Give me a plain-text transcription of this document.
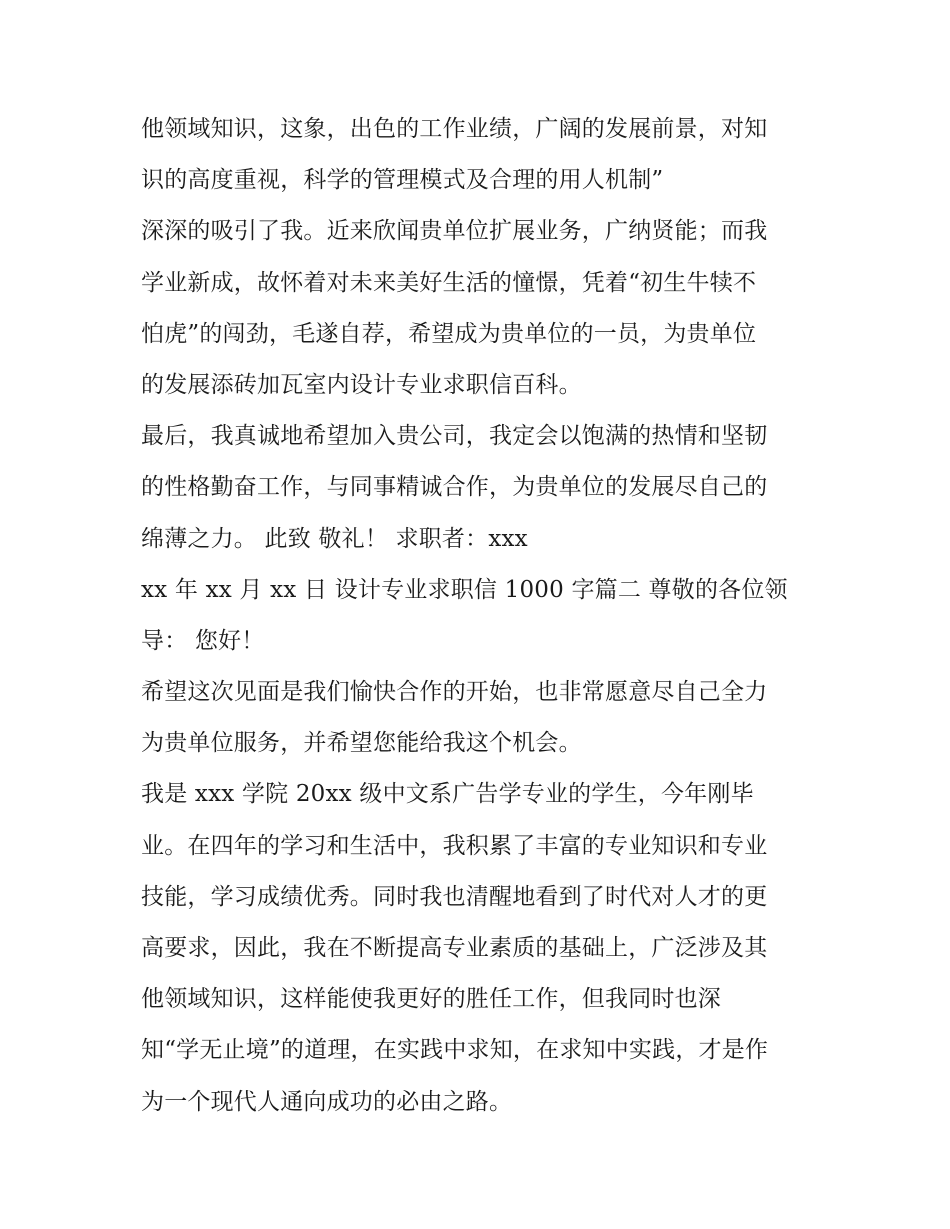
他领域知识，这象，出色的工作业绩，广阔的发展前景，对知
识的高度重视，科学的管理模式及合理的用人机制”
深深的吸引了我。近来欣闻贵单位扩展业务，广纳贤能；而我
学业新成，故怀着对未来美好生活的憧憬，凭着“初生牛犊不
怕虎”的闯劲，毛遂自荐，希望成为贵单位的一员，为贵单位
的发展添砖加瓦室内设计专业求职信百科。
最后，我真诚地希望加入贵公司，我定会以饱满的热情和坚韧
的性格勤奋工作，与同事精诚合作，为贵单位的发展尽自己的
绵薄之力。 此致 敬礼！ 求职者：xxx
xx 年 xx 月 xx 日 设计专业求职信 1000 字篇二 尊敬的各位领
导： 您好！
希望这次见面是我们愉快合作的开始，也非常愿意尽自己全力
为贵单位服务，并希望您能给我这个机会。
我是 xxx 学院 20xx 级中文系广告学专业的学生，今年刚毕
业。在四年的学习和生活中，我积累了丰富的专业知识和专业
技能，学习成绩优秀。同时我也清醒地看到了时代对人才的更
高要求，因此，我在不断提高专业素质的基础上，广泛涉及其
他领域知识，这样能使我更好的胜任工作，但我同时也深
知“学无止境”的道理，在实践中求知，在求知中实践，才是作
为一个现代人通向成功的必由之路。
